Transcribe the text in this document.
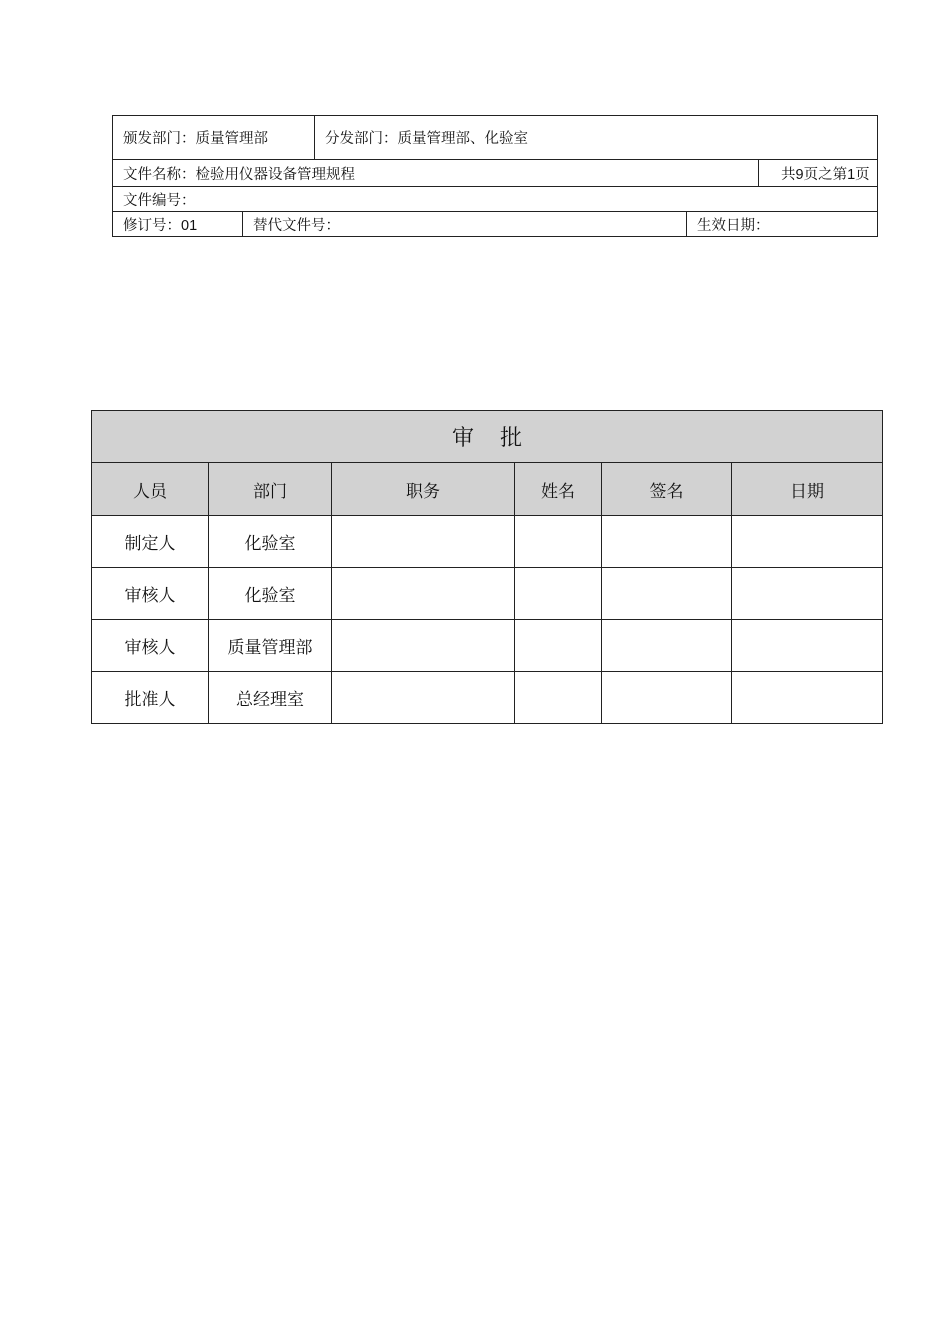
颁发部门：质量管理部		分发部门：质量管理部、化验室		
文件名称：检验用仪器设备管理规程				共9页之第1页
文件编号：				
修订号：01	替代文件号：		生效日期：	
审批					
人员	部门	职务	姓名	签名	日期
制定人	化验室				
审核人	化验室				
审核人	质量管理部				
批准人	总经理室				
